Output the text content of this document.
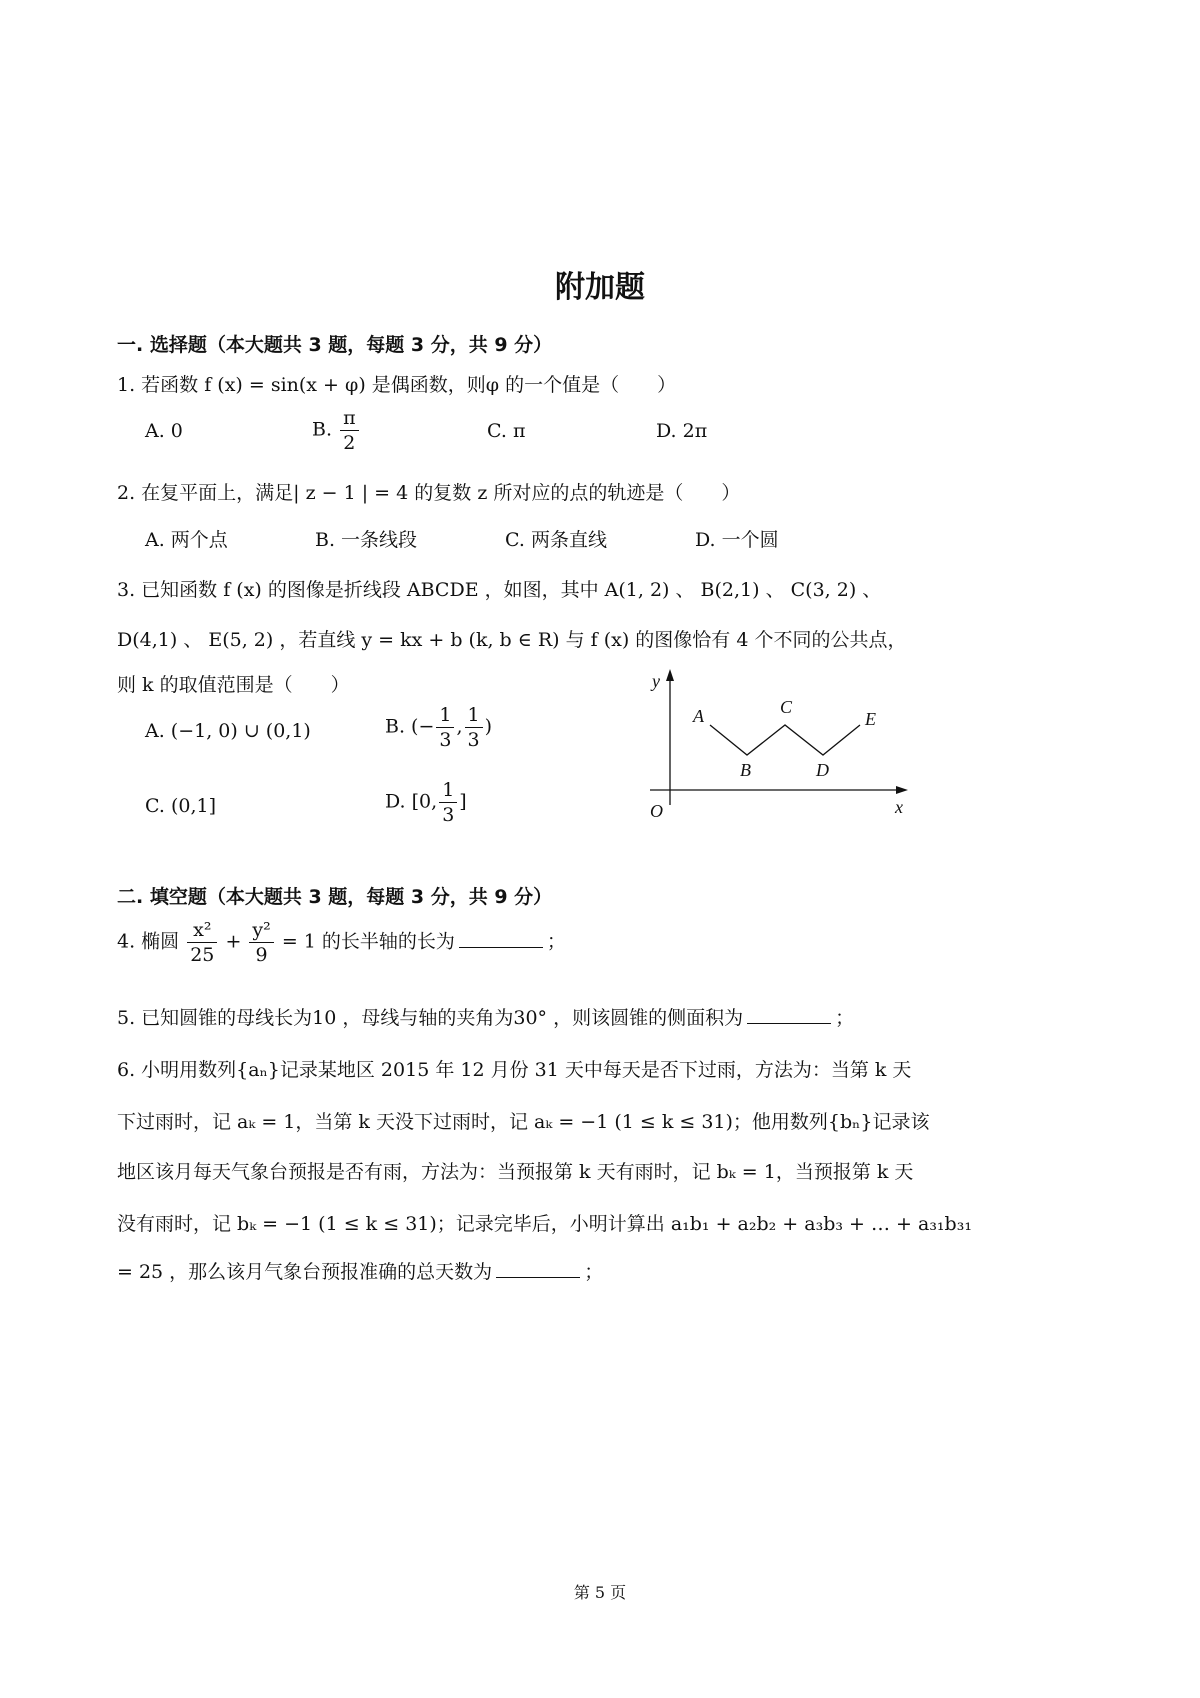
附加题
一. 选择题（本大题共 3 题，每题 3 分，共 9 分）
1. 若函数 f (x) = sin(x + φ) 是偶函数，则φ 的一个值是（　　）
A. 0	B. $\frac{\pi}{2}$	C. π	D. 2π
2. 在复平面上，满足| z − 1 | = 4 的复数 z 所对应的点的轨迹是（　　）
A. 两个点	B. 一条线段	C. 两条直线	D. 一个圆
3. 已知函数 f (x) 的图像是折线段 ABCDE ，如图，其中 A(1, 2) 、 B(2,1) 、 C(3, 2) 、
D(4,1) 、 E(5, 2) ，若直线 y = kx + b (k, b ∈ R) 与 f (x) 的图像恰有 4 个不同的公共点，
则 k 的取值范围是（　　）
A. (−1, 0) ∪ (0,1)	B. (− $\frac{1}{3}$ , $\frac{1}{3}$ )
C. (0,1]	D. [0, $\frac{1}{3}$ ]
y
x
O
A
B
C
D
E
二. 填空题（本大题共 3 题，每题 3 分，共 9 分）
4. 椭圆 $\frac{\text{x²}}{25} + \frac{\text{y²}}{9} = 1$ 的长半轴的长为	；
5. 已知圆锥的母线长为10 ，母线与轴的夹角为30° ，则该圆锥的侧面积为	；
6. 小明用数列{aₙ}记录某地区 2015 年 12 月份 31 天中每天是否下过雨，方法为：当第 k 天
下过雨时，记 aₖ = 1，当第 k 天没下过雨时，记 aₖ = −1 (1 ≤ k ≤ 31)；他用数列{bₙ}记录该
地区该月每天气象台预报是否有雨，方法为：当预报第 k 天有雨时，记 bₖ = 1，当预报第 k 天
没有雨时，记 bₖ = −1 (1 ≤ k ≤ 31)；记录完毕后，小明计算出 a₁b₁ + a₂b₂ + a₃b₃ + … + a₃₁b₃₁
= 25 ，那么该月气象台预报准确的总天数为	；
第 5 页
